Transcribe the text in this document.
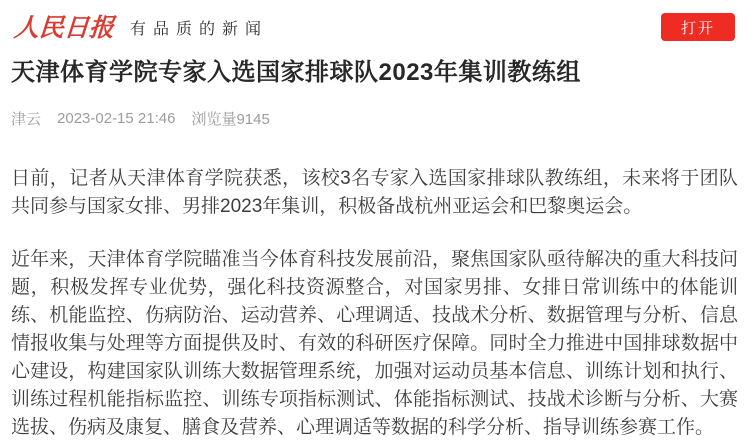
人民日报 有品质的新闻	打开
天津体育学院专家入选国家排球队2023年集训教练组
津云 2023-02-15 21:46 浏览量9145

日前，记者从天津体育学院获悉，该校3名专家入选国家排球队教练组，未来将于团队共同参与国家女排、男排2023年集训，积极备战杭州亚运会和巴黎奥运会。

近年来，天津体育学院瞄准当今体育科技发展前沿，聚焦国家队亟待解决的重大科技问题，积极发挥专业优势，强化科技资源整合，对国家男排、女排日常训练中的体能训练、机能监控、伤病防治、运动营养、心理调适、技战术分析、数据管理与分析、信息情报收集与处理等方面提供及时、有效的科研医疗保障。同时全力推进中国排球数据中心建设，构建国家队训练大数据管理系统，加强对运动员基本信息、训练计划和执行、训练过程机能指标监控、训练专项指标测试、体能指标测试、技战术诊断与分析、大赛选拔、伤病及康复、膳食及营养、心理调适等数据的科学分析、指导训练参赛工作。
